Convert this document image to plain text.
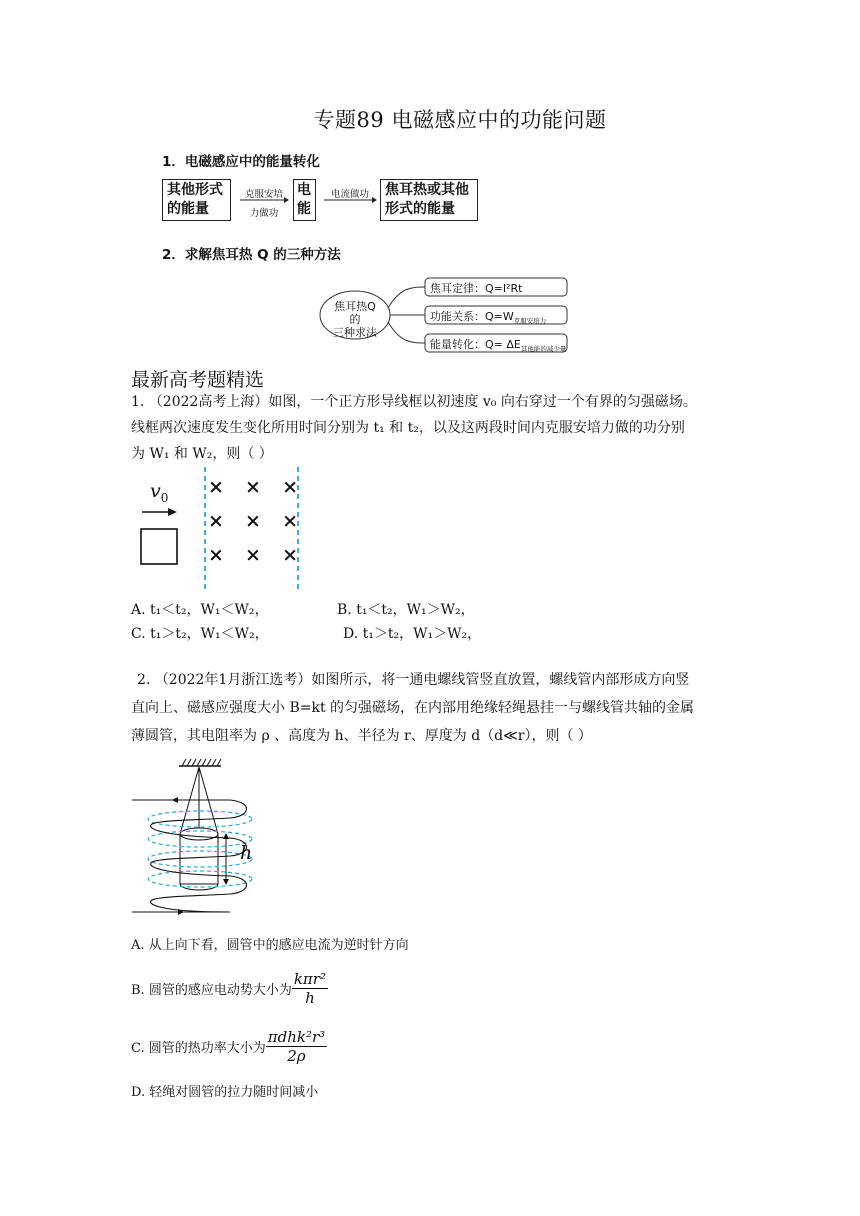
专题89 电磁感应中的功能问题
1．电磁感应中的能量转化
其他形式
的能量
克服安培
力做功
电
能
电流做功	焦耳热或其他
形式的能量
2．求解焦耳热 Q 的三种方法
焦耳热Q的
三种求法
焦耳定律：Q=I²Rt
功能关系：$Q=W_{克服安培力}$
能量转化：$Q= \Delta E_{其他能的减少量}$
最新高考题精选
1. （2022高考上海）如图，一个正方形导线框以初速度 v₀ 向右穿过一个有界的匀强磁场。
线框两次速度发生变化所用时间分别为 t₁ 和 t₂，以及这两段时间内克服安培力做的功分别
为 W₁ 和 W₂，则（ ）
$v_0$ × × ×
× × ×
× × ×
A. t₁＜t₂，W₁＜W₂，	B. t₁＜t₂，W₁＞W₂，
C. t₁＞t₂，W₁＜W₂，	D. t₁＞t₂，W₁＞W₂，
2. （2022年1月浙江选考）如图所示，将一通电螺线管竖直放置，螺线管内部形成方向竖
直向上、磁感应强度大小 B=kt 的匀强磁场，在内部用绝缘轻绳悬挂一与螺线管共轴的金属
薄圆管，其电阻率为 ρ 、高度为 h、半径为 r、厚度为 d（d≪r），则（ ）
h
A. 从上向下看，圆管中的感应电流为逆时针方向
B. 圆管的感应电动势大小为 $\frac{\text{kπr²}}{h}$
C. 圆管的热功率大小为 $\frac{\text{πdhk²r³}}{2\rho}$
D. 轻绳对圆管的拉力随时间减小
